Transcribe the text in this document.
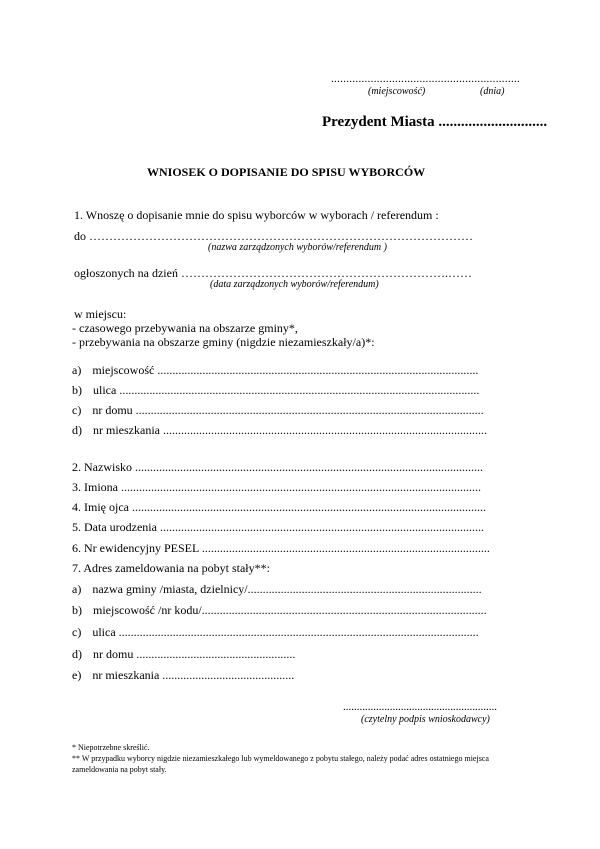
..............................................................
(miejscowość)	(dnia)
Prezydent Miasta .............................
WNIOSEK O DOPISANIE DO SPISU WYBORCÓW
1. Wnoszę o dopisanie mnie do spisu wyborców w wyborach / referendum :
do ……………………………………………………………………………………
(nazwa zarządzonych wyborów/referendum )
ogłoszonych na dzień ………………………………………………………….……
(data zarządzonych wyborów/referendum)
w miejscu:
- czasowego przebywania na obszarze gminy*,
- przebywania na obszarze gminy (nigdzie niezamieszkały/a)*:
a) miejscowość ...........................................................................................................
b) ulica ........................................................................................................................
c) nr domu ....................................................................................................................
d) nr mieszkania ............................................................................................................
2. Nazwisko ....................................................................................................................
3. Imiona ........................................................................................................................
4. Imię ojca ......................................................................................................................
5. Data urodzenia ............................................................................................................
6. Nr ewidencyjny PESEL ................................................................................................
7. Adres zameldowania na pobyt stały**:
a) nazwa gminy /miasta, dzielnicy/..............................................................................
b) miejscowość /nr kodu/...............................................................................................
c) ulica ........................................................................................................................
d) nr domu .....................................................
e) nr mieszkania ............................................
........................................................
(czytelny podpis wnioskodawcy)
* Niepotrzebne skreślić.
** W przypadku wyborcy nigdzie niezamieszkałego lub wymeldowanego z pobytu stałego, należy podać adres ostatniego miejsca
zameldowania na pobyt stały.
